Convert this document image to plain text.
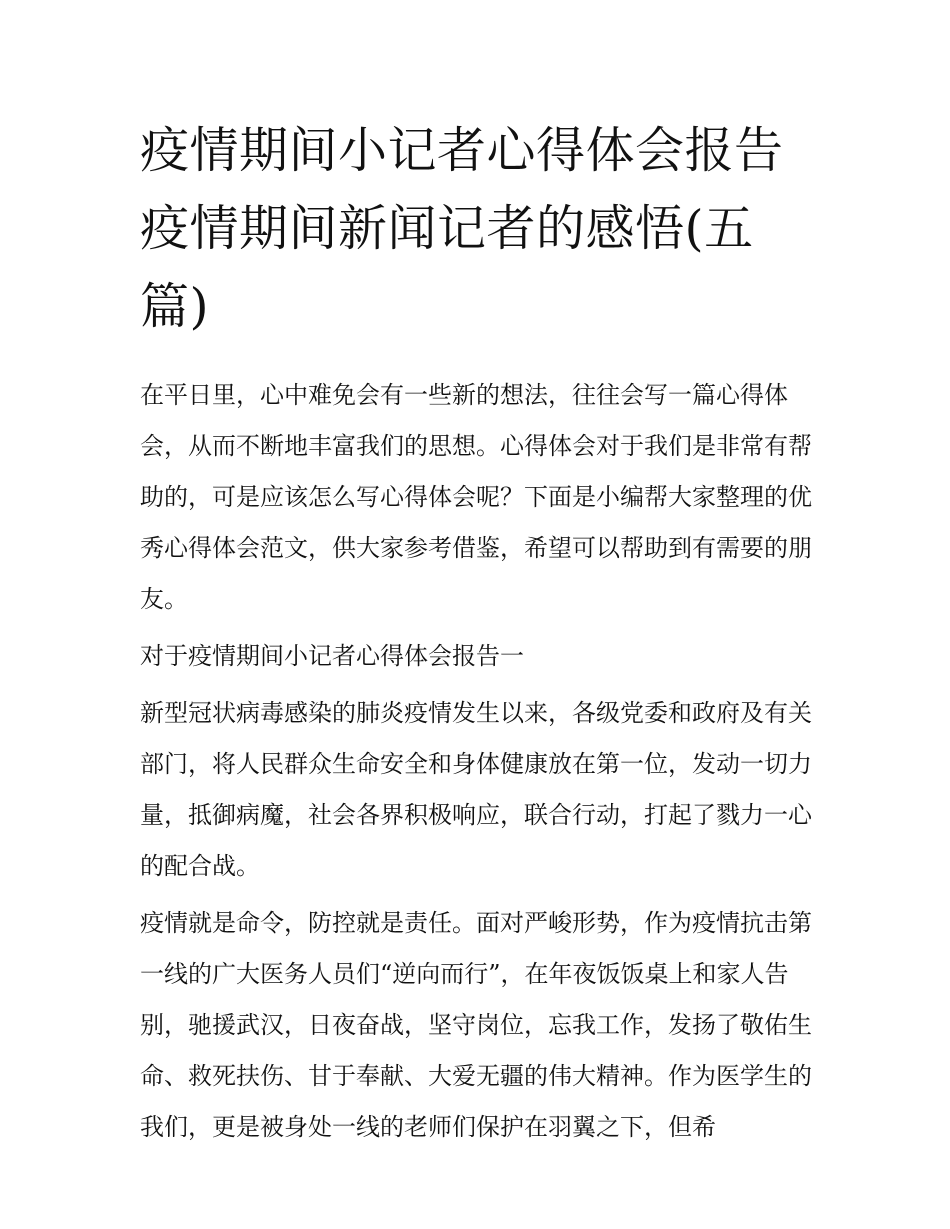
疫情期间小记者心得体会报告 疫情期间新闻记者的感悟(五篇)

在平日里，心中难免会有一些新的想法，往往会写一篇心得体会，从而不断地丰富我们的思想。心得体会对于我们是非常有帮助的，可是应该怎么写心得体会呢？下面是小编帮大家整理的优秀心得体会范文，供大家参考借鉴，希望可以帮助到有需要的朋友。

对于疫情期间小记者心得体会报告一

新型冠状病毒感染的肺炎疫情发生以来，各级党委和政府及有关部门，将人民群众生命安全和身体健康放在第一位，发动一切力量，抵御病魔，社会各界积极响应，联合行动，打起了戮力一心的配合战。

疫情就是命令，防控就是责任。面对严峻形势，作为疫情抗击第一线的广大医务人员们“逆向而行”，在年夜饭饭桌上和家人告别，驰援武汉，日夜奋战，坚守岗位，忘我工作，发扬了敬佑生命、救死扶伤、甘于奉献、大爱无疆的伟大精神。作为医学生的我们，更是被身处一线的老师们保护在羽翼之下，但希
